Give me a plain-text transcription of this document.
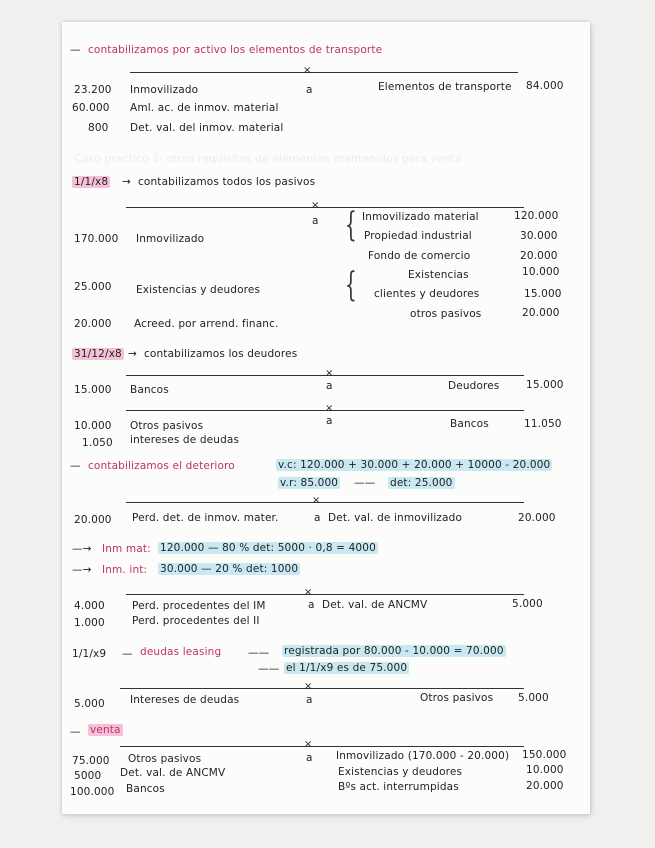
— contabilizamos por activo los elementos de transporte
×
a
23.200 Inmovilizado
60.000 Aml. ac. de inmov. material
800 Det. val. del inmov. material
Elementos de transporte 84.000
Caso practico 1: otros requisitos de elementos mantenidos para venta
1/1/x8 → contabilizamos todos los pasivos
×
a
170.000 Inmovilizado
25.000 Existencias y deudores
20.000 Acreed. por arrend. financ.
{
{
Inmovilizado material	120.000
Propiedad industrial	30.000
Fondo de comercio	20.000
Existencias	10.000
clientes y deudores	15.000
otros pasivos	20.000
31/12/x8 → contabilizamos los deudores
×
a
15.000 Bancos	Deudores	15.000
×
a
10.000 Otros pasivos
1.050 intereses de deudas
Bancos	11.050
— contabilizamos el deterioro	v.c: 120.000 + 30.000 + 20.000 + 10000 - 20.000
v.r: 85.000 —— det: 25.000
×
20.000 Perd. det. de inmov. mater.	a Det. val. de inmovilizado	20.000
—→ Inm mat: 120.000 — 80 % det: 5000 · 0,8 = 4000
—→ Inm. int: 30.000 — 20 % det: 1000
×
4.000	Perd. procedentes del IM
1.000	Perd. procedentes del II
a Det. val. de ANCMV	5.000
1/1/x9 — deudas leasing	—— registrada por 80.000 - 10.000 = 70.000
—— el 1/1/x9 es de 75.000
×
a
5.000 Intereses de deudas	Otros pasivos 5.000
— venta
×
a
75.000 Otros pasivos
5000 Det. val. de ANCMV
100.000 Bancos
Inmovilizado (170.000 - 20.000) 150.000
Existencias y deudores	10.000
Bºs act. interrumpidas	20.000
